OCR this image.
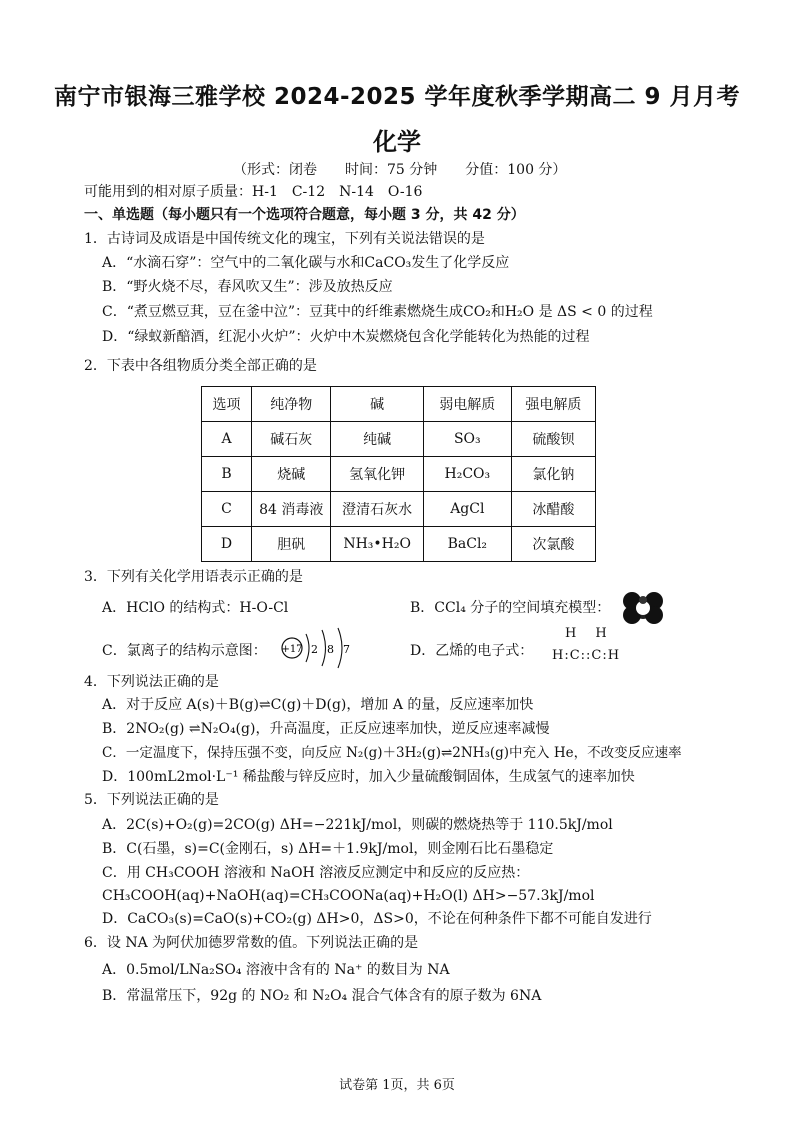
南宁市银海三雅学校 2024-2025 学年度秋季学期高二 9 月月考
化学
（形式：闭卷　　时间：75 分钟　　分值：100 分）
可能用到的相对原子质量：H-1　C-12　N-14　O-16
一、单选题（每小题只有一个选项符合题意，每小题 3 分，共 42 分）
1．古诗词及成语是中国传统文化的瑰宝，下列有关说法错误的是
A．“水滴石穿”：空气中的二氧化碳与水和CaCO₃发生了化学反应
B．“野火烧不尽，春风吹又生”：涉及放热反应
C．“煮豆燃豆萁，豆在釜中泣”：豆萁中的纤维素燃烧生成CO₂和H₂O 是 ΔS < 0 的过程
D．“绿蚁新醅酒，红泥小火炉”：火炉中木炭燃烧包含化学能转化为热能的过程
2．下表中各组物质分类全部正确的是
选项	纯净物	碱	弱电解质	强电解质
A	碱石灰	纯碱	SO₃	硫酸钡
B	烧碱	氢氧化钾	H₂CO₃	氯化钠
C	84 消毒液	澄清石灰水	AgCl	冰醋酸
D	胆矾	NH₃•H₂O	BaCl₂	次氯酸
3．下列有关化学用语表示正确的是
A．HClO 的结构式：H-O-Cl	B．CCl₄ 分子的空间填充模型：
C．氯离子的结构示意图： +17 2 8 7	D．乙烯的电子式：
H　H
H:C::C:H
4．下列说法正确的是
A．对于反应 A(s)＋B(g)⇌C(g)＋D(g)，增加 A 的量，反应速率加快
B．2NO₂(g) ⇌N₂O₄(g)，升高温度，正反应速率加快，逆反应速率减慢
C．一定温度下，保持压强不变，向反应 N₂(g)＋3H₂(g)⇌2NH₃(g)中充入 He，不改变反应速率
D．100mL2mol·L⁻¹ 稀盐酸与锌反应时，加入少量硫酸铜固体，生成氢气的速率加快
5．下列说法正确的是
A．2C(s)+O₂(g)=2CO(g) ΔH=−221kJ/mol，则碳的燃烧热等于 110.5kJ/mol
B．C(石墨，s)=C(金刚石，s) ΔH=＋1.9kJ/mol，则金刚石比石墨稳定
C．用 CH₃COOH 溶液和 NaOH 溶液反应测定中和反应的反应热：
CH₃COOH(aq)+NaOH(aq)=CH₃COONa(aq)+H₂O(l) ΔH>−57.3kJ/mol
D．CaCO₃(s)=CaO(s)+CO₂(g) ΔH>0，ΔS>0，不论在何种条件下都不可能自发进行
6．设 NA 为阿伏加德罗常数的值。下列说法正确的是
A．0.5mol/LNa₂SO₄ 溶液中含有的 Na⁺ 的数目为 NA
B．常温常压下，92g 的 NO₂ 和 N₂O₄ 混合气体含有的原子数为 6NA
试卷第 1页，共 6页
